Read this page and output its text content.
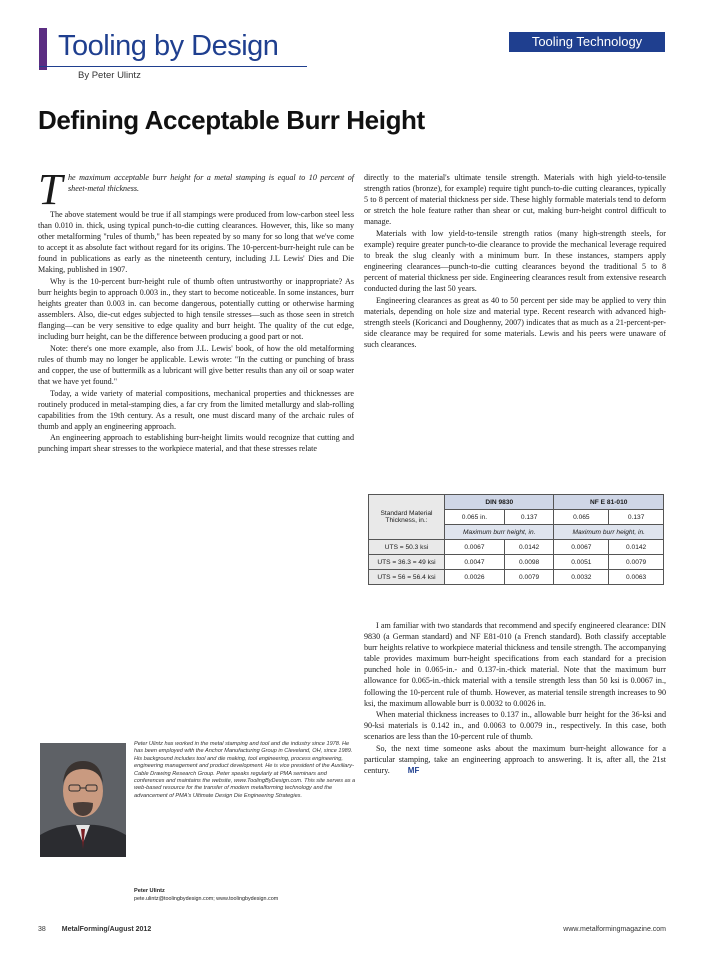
Tooling by Design	Tooling Technology
By Peter Ulintz
Defining Acceptable Burr Height

T he maximum acceptable burr height for a metal stamping is equal to 10 percent of sheet-metal thickness.

The above statement would be true if all stampings were produced from low-carbon steel less than 0.010 in. thick, using typical punch-to-die cutting clearances. However, this, like so many other metalforming "rules of thumb," has been repeated by so many for so long that we've come to accept it as absolute fact without regard for its origins. The 10-percent-burr-height rule can be found in publications as early as the nineteenth century, including J.L Lewis' Dies and Die Making, published in 1907.

Why is the 10-percent burr-height rule of thumb often untrustworthy or inappropriate? As burr heights begin to approach 0.003 in., they start to become noticeable. In some instances, burr heights greater than 0.003 in. can become dangerous, potentially cutting or otherwise harming assemblers. Also, die-cut edges subjected to high tensile stresses—such as those seen in stretch flanging—can be very sensitive to edge quality and burr height. The quality of the cut edge, including burr height, can be the difference between producing a good part or not.

Note: there's one more example, also from J.L. Lewis' book, of how the old metalforming rules of thumb may no longer be applicable. Lewis wrote: "In the cutting or punching of brass and copper, the use of buttermilk as a lubricant will give better results than any oil or soap water that we have yet found."

Today, a wide variety of material compositions, mechanical properties and thicknesses are routinely produced in metal-stamping dies, a far cry from the limited metallurgy and slab-rolling capabilities from the 19th century. As a result, one must discard many of the archaic rules of thumb and apply an engineering approach.

An engineering approach to establishing burr-height limits would recognize that cutting and punching impart shear stresses to the workpiece material, and that these stresses relate

directly to the material's ultimate tensile strength. Materials with high yield-to-tensile strength ratios (bronze), for example) require tight punch-to-die cutting clearances, typically 5 to 8 percent of material thickness per side. These highly formable materials tend to deform or stretch the hole feature rather than shear or cut, making burr-height control difficult to manage.

Materials with low yield-to-tensile strength ratios (many high-strength steels, for example) require greater punch-to-die clearance to provide the mechanical leverage required to break the slug cleanly with a minimum burr. In these instances, stampers apply engineering clearances—punch-to-die cutting clearances beyond the traditional 5 to 8 percent of material thickness per side. Engineering clearances result from extensive research conducted during the last 50 years.

Engineering clearances as great as 40 to 50 percent per side may be applied to very thin materials, depending on hole size and material type. Recent research with advanced high-strength steels (Koricanci and Doughenny, 2007) indicates that as much as a 21-percent-per-side clearance may be required for some materials. Lewis and his peers were unaware of such clearances.

Standard Material Thickness, in.:	DIN 9830		NF E 81-010	
	0.065 in.	0.137	0.065	0.137
	Maximum burr height, in.		Maximum burr height, in.	
UTS = 50.3 ksi	0.0067	0.0142	0.0067	0.0142
UTS = 36.3 = 49 ksi	0.0047	0.0098	0.0051	0.0079
UTS = 56 = 56.4 ksi	0.0026	0.0079	0.0032	0.0063

I am familiar with two standards that recommend and specify engineered clearance: DIN 9830 (a German standard) and NF E81-010 (a French standard). Both classify acceptable burr heights relative to workpiece material thickness and tensile strength. The accompanying table provides maximum burr-height specifications from each standard for a precision punched hole in 0.065-in.- and 0.137-in.-thick material. Note that the maximum burr allowance for 0.065-in.-thick material with a tensile strength less than 50 ksi is 0.0067 in., following the 10-percent rule of thumb. However, as material tensile strength increases to 90 ksi, the maximum allowable burr is 0.0032 to 0.0026 in.

When material thickness increases to 0.137 in., allowable burr height for the 36-ksi and 90-ksi materials is 0.142 in., and 0.0063 to 0.0079 in., respectively. In this case, both scenarios are less than the 10-percent rule of thumb.

So, the next time someone asks about the maximum burr-height allowance for a particular stamping, take an engineering approach to answering. It is, after all, the 21st century. MF

Peter Ulintz has worked in the metal stamping and tool and die industry since 1978. He has been employed with the Anchor Manufacturing Group in Cleveland, OH, since 1989. His background includes tool and die making, tool engineering, process engineering, engineering management and product development. He is vice president of the Auxiliary-Cable Drawing Research Group. Peter speaks regularly at PMA seminars and conferences and maintains the website, www.ToolingByDesign.com. This site serves as a web-based resource for the transfer of modern metalforming technology and the advancement of PMA's Ultimate Design Die Engineering Strategies.
Peter Ulintz
pete.ulintz@toolingbydesign.com; www.toolingbydesign.com
38 MetalForming/August 2012	www.metalformingmagazine.com
